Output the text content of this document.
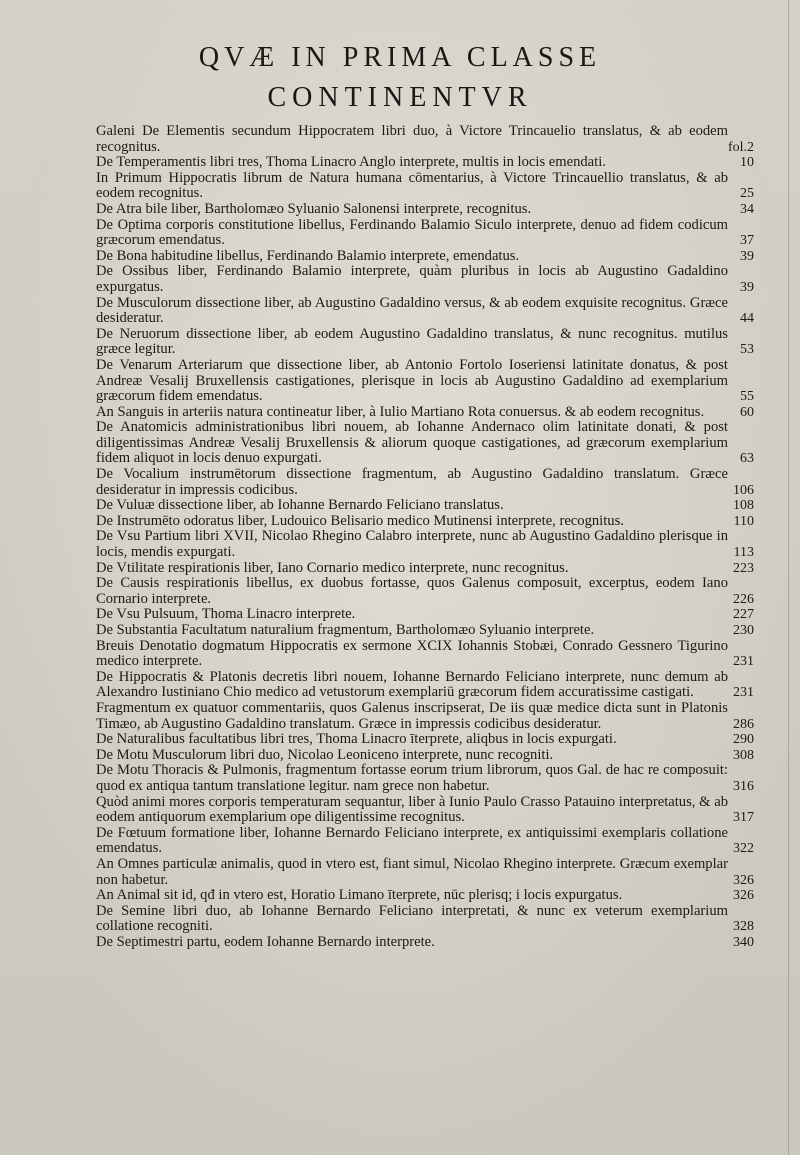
QVÆ IN PRIMA CLASSE
CONTINENTVR
Galeni De Elementis secundum Hippocratem libri duo, à Victore Trincauelio translatus, & ab eodem recognitus.	fol.2
De Temperamentis libri tres, Thoma Linacro Anglo interprete, multis in locis emendati.	10
In Primum Hippocratis librum de Natura humana cōmentarius, à Victore Trincauellio translatus, & ab eodem recognitus.	25
De Atra bile liber, Bartholomæo Syluanio Salonensi interprete, recognitus.	34
De Optima corporis constitutione libellus, Ferdinando Balamio Siculo interprete, denuo ad fidem codicum græcorum emendatus.	37
De Bona habitudine libellus, Ferdinando Balamio interprete, emendatus.	39
De Ossibus liber, Ferdinando Balamio interprete, quàm pluribus in locis ab Augustino Gadaldino expurgatus.	39
De Musculorum dissectione liber, ab Augustino Gadaldino versus, & ab eodem exquisite recognitus. Græce desideratur.	44
De Neruorum dissectione liber, ab eodem Augustino Gadaldino translatus, & nunc recognitus. mutilus græce legitur.	53
De Venarum Arteriarum que dissectione liber, ab Antonio Fortolo Ioseriensi latinitate donatus, & post Andreæ Vesalij Bruxellensis castigationes, plerisque in locis ab Augustino Gadaldino ad exemplarium græcorum fidem emendatus.	55
An Sanguis in arteriis natura contineatur liber, à Iulio Martiano Rota conuersus. & ab eodem recognitus.	60
De Anatomicis administrationibus libri nouem, ab Iohanne Andernaco olim latinitate donati, & post diligentissimas Andreæ Vesalij Bruxellensis & aliorum quoque castigationes, ad græcorum exemplarium fidem aliquot in locis denuo expurgati.	63
De Vocalium instrumētorum dissectione fragmentum, ab Augustino Gadaldino translatum. Græce desideratur in impressis codicibus.	106
De Vuluæ dissectione liber, ab Iohanne Bernardo Feliciano translatus.	108
De Instrumēto odoratus liber, Ludouico Belisario medico Mutinensi interprete, recognitus.	110
De Vsu Partium libri XVII, Nicolao Rhegino Calabro interprete, nunc ab Augustino Gadaldino plerisque in locis, mendis expurgati.	113
De Vtilitate respirationis liber, Iano Cornario medico interprete, nunc recognitus.	223
De Causis respirationis libellus, ex duobus fortasse, quos Galenus composuit, excerptus, eodem Iano Cornario interprete.	226
De Vsu Pulsuum, Thoma Linacro interprete.	227
De Substantia Facultatum naturalium fragmentum, Bartholomæo Syluanio interprete.	230
Breuis Denotatio dogmatum Hippocratis ex sermone XCIX Iohannis Stobæi, Conrado Gessnero Tigurino medico interprete.	231
De Hippocratis & Platonis decretis libri nouem, Iohanne Bernardo Feliciano interprete, nunc demum ab Alexandro Iustiniano Chio medico ad vetustorum exemplariū græcorum fidem accuratissime castigati.	231
Fragmentum ex quatuor commentariis, quos Galenus inscripserat, De iis quæ medice dicta sunt in Platonis Timæo, ab Augustino Gadaldino translatum. Græce in impressis codicibus desideratur.	286
De Naturalibus facultatibus libri tres, Thoma Linacro īterprete, aliqbus in locis expurgati.	290
De Motu Musculorum libri duo, Nicolao Leoniceno interprete, nunc recogniti.	308
De Motu Thoracis & Pulmonis, fragmentum fortasse eorum trium librorum, quos Gal. de hac re composuit: quod ex antiqua tantum translatione legitur. nam grece non habetur.	316
Quòd animi mores corporis temperaturam sequantur, liber à Iunio Paulo Crasso Patauino interpretatus, & ab eodem antiquorum exemplarium ope diligentissime recognitus.	317
De Fœtuum formatione liber, Iohanne Bernardo Feliciano interprete, ex antiquissimi exemplaris collatione emendatus.	322
An Omnes particulæ animalis, quod in vtero est, fiant simul, Nicolao Rhegino interprete. Græcum exemplar non habetur.	326
An Animal sit id, qđ in vtero est, Horatio Limano īterprete, nūc plerisq; i locis expurgatus.	326
De Semine libri duo, ab Iohanne Bernardo Feliciano interpretati, & nunc ex veterum exemplarium collatione recogniti.	328
De Septimestri partu, eodem Iohanne Bernardo interprete.	340
